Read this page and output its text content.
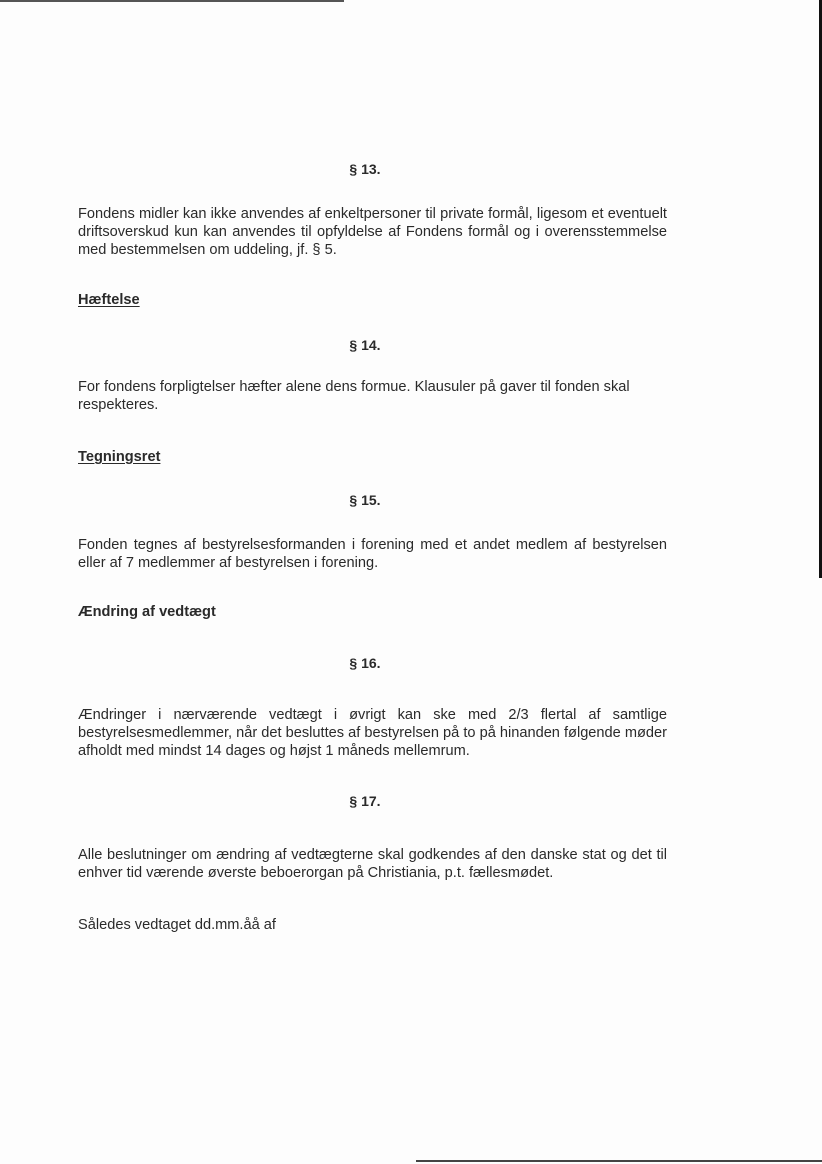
§ 13.

Fondens midler kan ikke anvendes af enkeltpersoner til private formål, ligesom et eventuelt driftsoverskud kun kan anvendes til opfyldelse af Fondens formål og i overensstemmelse med bestemmelsen om uddeling, jf. § 5.

Hæftelse

§ 14.

For fondens forpligtelser hæfter alene dens formue. Klausuler på gaver til fonden skal respekteres.

Tegningsret

§ 15.

Fonden tegnes af bestyrelsesformanden i forening med et andet medlem af bestyrelsen eller af 7 medlemmer af bestyrelsen i forening.

Ændring af vedtægt

§ 16.

Ændringer i nærværende vedtægt i øvrigt kan ske med 2/3 flertal af samtlige bestyrelsesmedlemmer, når det besluttes af bestyrelsen på to på hinanden følgende møder afholdt med mindst 14 dages og højst 1 måneds mellemrum.

§ 17.

Alle beslutninger om ændring af vedtægterne skal godkendes af den danske stat og det til enhver tid værende øverste beboerorgan på Christiania, p.t. fællesmødet.

Således vedtaget dd.mm.åå af
